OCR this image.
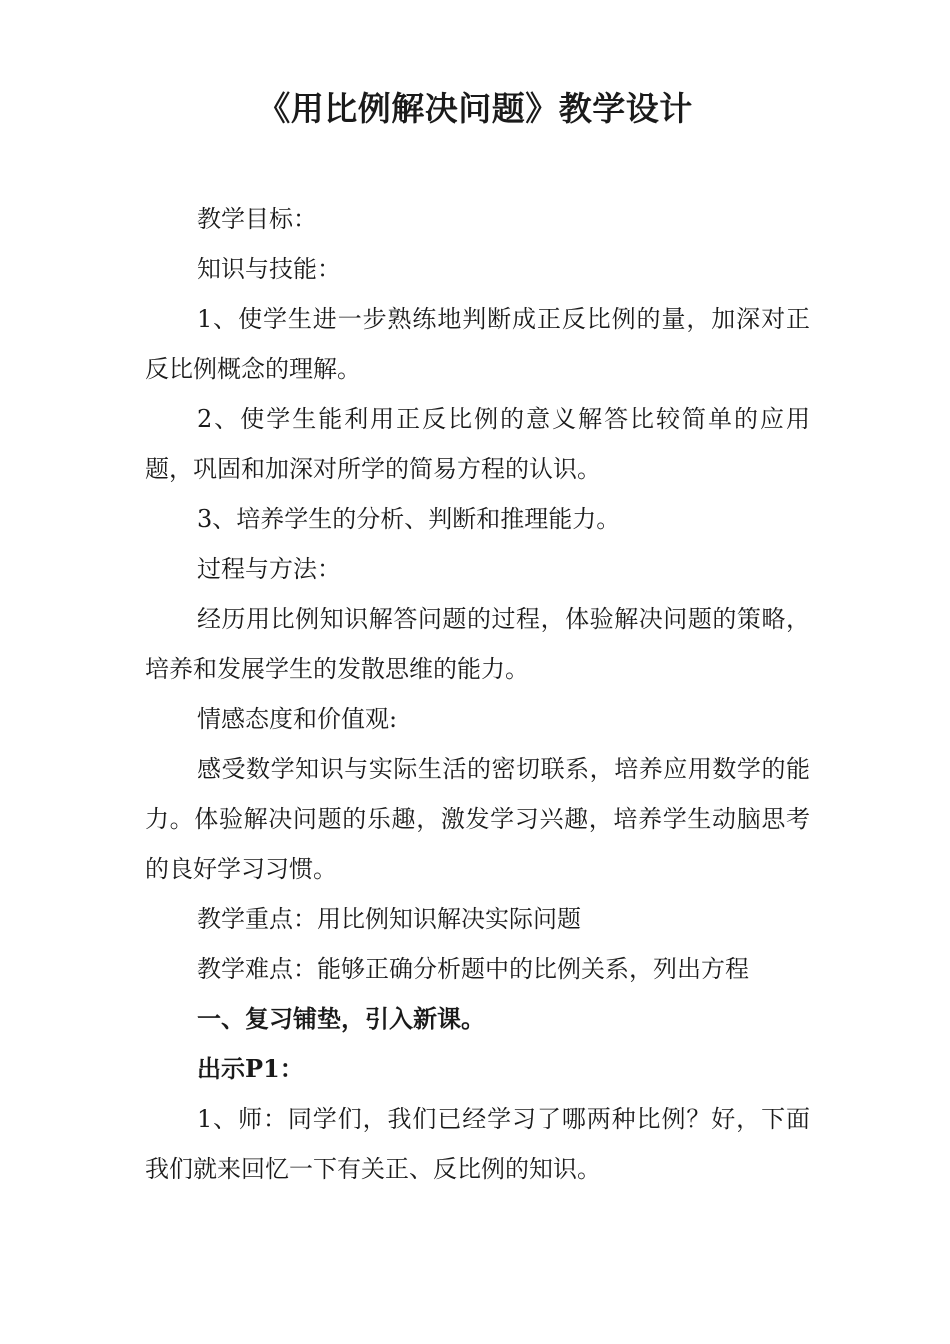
《用比例解决问题》教学设计

教学目标：

知识与技能：

1、使学生进一步熟练地判断成正反比例的量，加深对正反比例概念的理解。

2、使学生能利用正反比例的意义解答比较简单的应用题，巩固和加深对所学的简易方程的认识。

3、培养学生的分析、判断和推理能力。

过程与方法：

经历用比例知识解答问题的过程，体验解决问题的策略，培养和发展学生的发散思维的能力。

情感态度和价值观:

感受数学知识与实际生活的密切联系，培养应用数学的能力。体验解决问题的乐趣，激发学习兴趣，培养学生动脑思考的良好学习习惯。

教学重点：用比例知识解决实际问题

教学难点：能够正确分析题中的比例关系，列出方程

一、复习铺垫，引入新课。

出示P1：

1、师：同学们，我们已经学习了哪两种比例？好，下面我们就来回忆一下有关正、反比例的知识。
